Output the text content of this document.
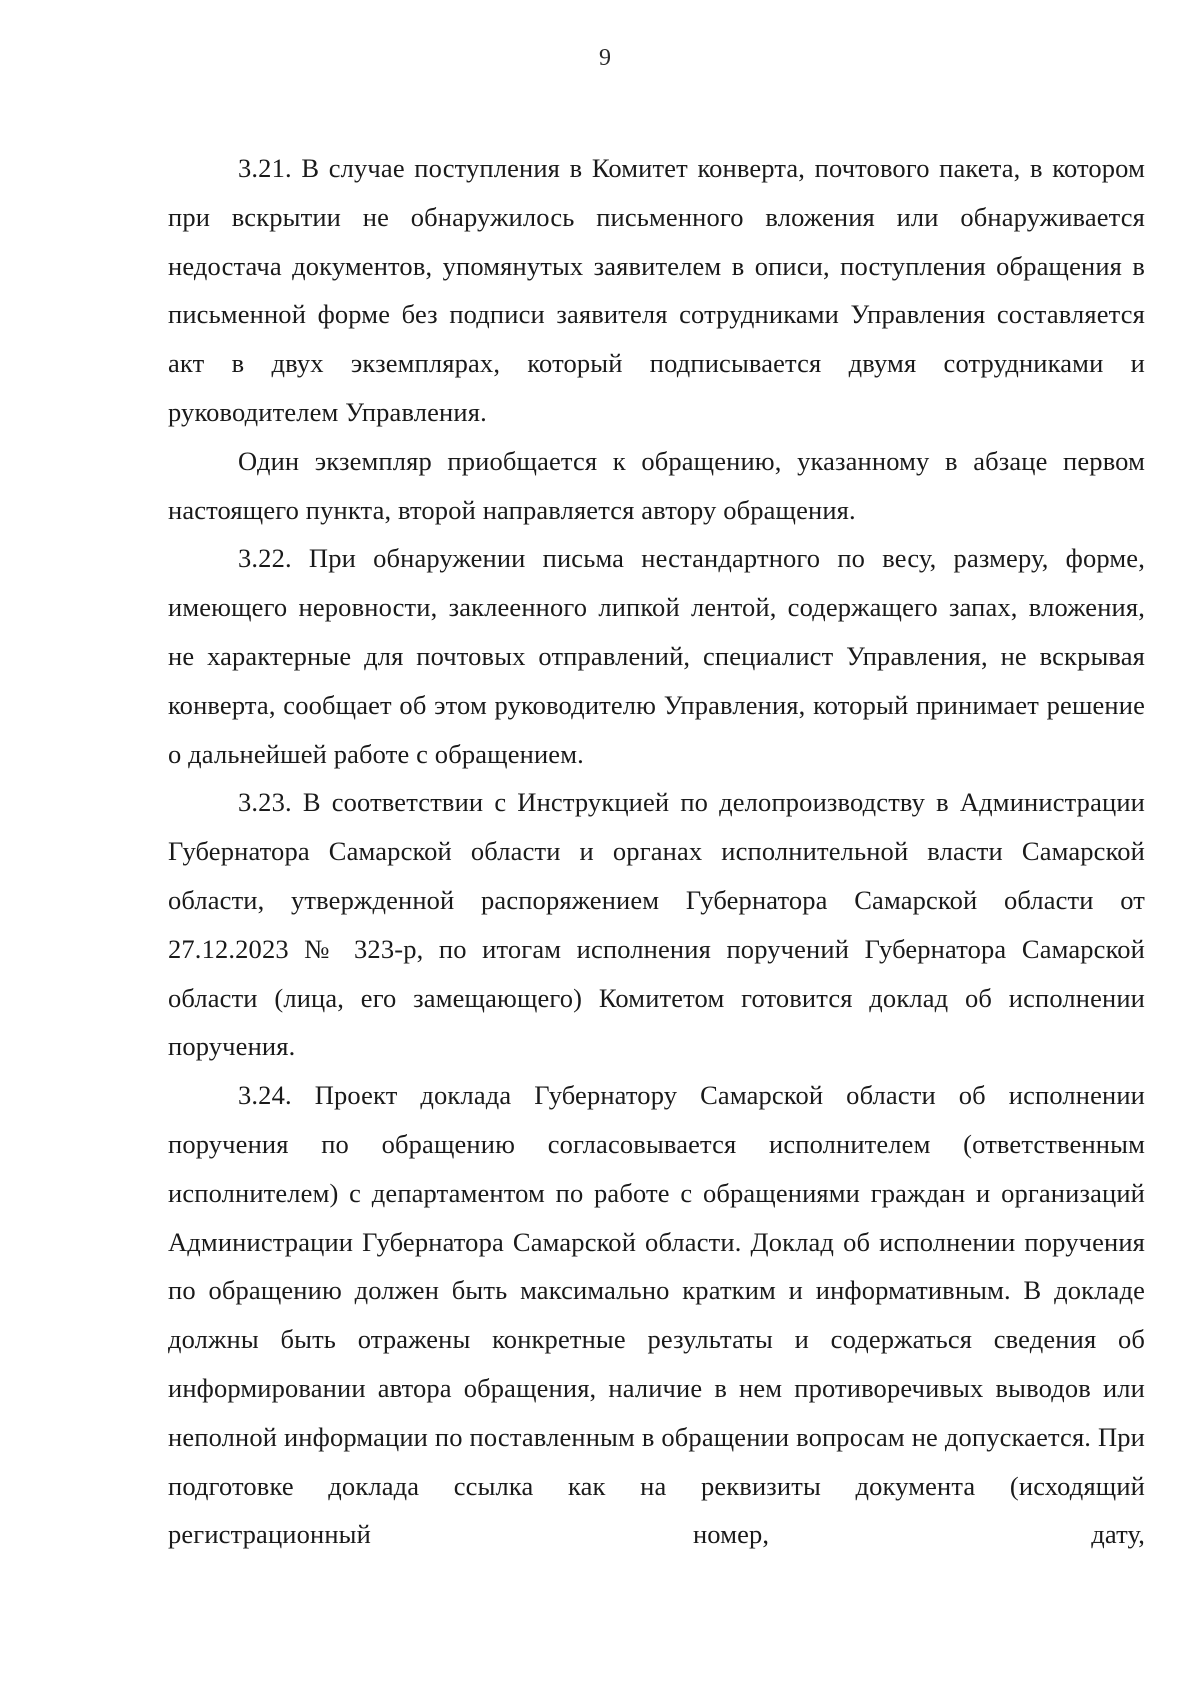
9

3.21. В случае поступления в Комитет конверта, почтового пакета, в котором при вскрытии не обнаружилось письменного вложения или обнаруживается недостача документов, упомянутых заявителем в описи, поступления обращения в письменной форме без подписи заявителя сотрудниками Управления составляется акт в двух экземплярах, который подписывается двумя сотрудниками и руководителем Управления.

Один экземпляр приобщается к обращению, указанному в абзаце первом настоящего пункта, второй направляется автору обращения.

3.22. При обнаружении письма нестандартного по весу, размеру, форме, имеющего неровности, заклеенного липкой лентой, содержащего запах, вложения, не характерные для почтовых отправлений, специалист Управления, не вскрывая конверта, сообщает об этом руководителю Управления, который принимает решение о дальнейшей работе с обращением.

3.23. В соответствии с Инструкцией по делопроизводству в Администрации Губернатора Самарской области и органах исполнительной власти Самарской области, утвержденной распоряжением Губернатора Самарской области от 27.12.2023 № 323-р, по итогам исполнения поручений Губернатора Самарской области (лица, его замещающего) Комитетом готовится доклад об исполнении поручения.

3.24. Проект доклада Губернатору Самарской области об исполнении поручения по обращению согласовывается исполнителем (ответственным исполнителем) с департаментом по работе с обращениями граждан и организаций Администрации Губернатора Самарской области. Доклад об исполнении поручения по обращению должен быть максимально кратким и информативным. В докладе должны быть отражены конкретные результаты и содержаться сведения об информировании автора обращения, наличие в нем противоречивых выводов или неполной информации по поставленным в обращении вопросам не допускается. При подготовке доклада ссылка как на реквизиты документа (исходящий регистрационный номер, дату,
